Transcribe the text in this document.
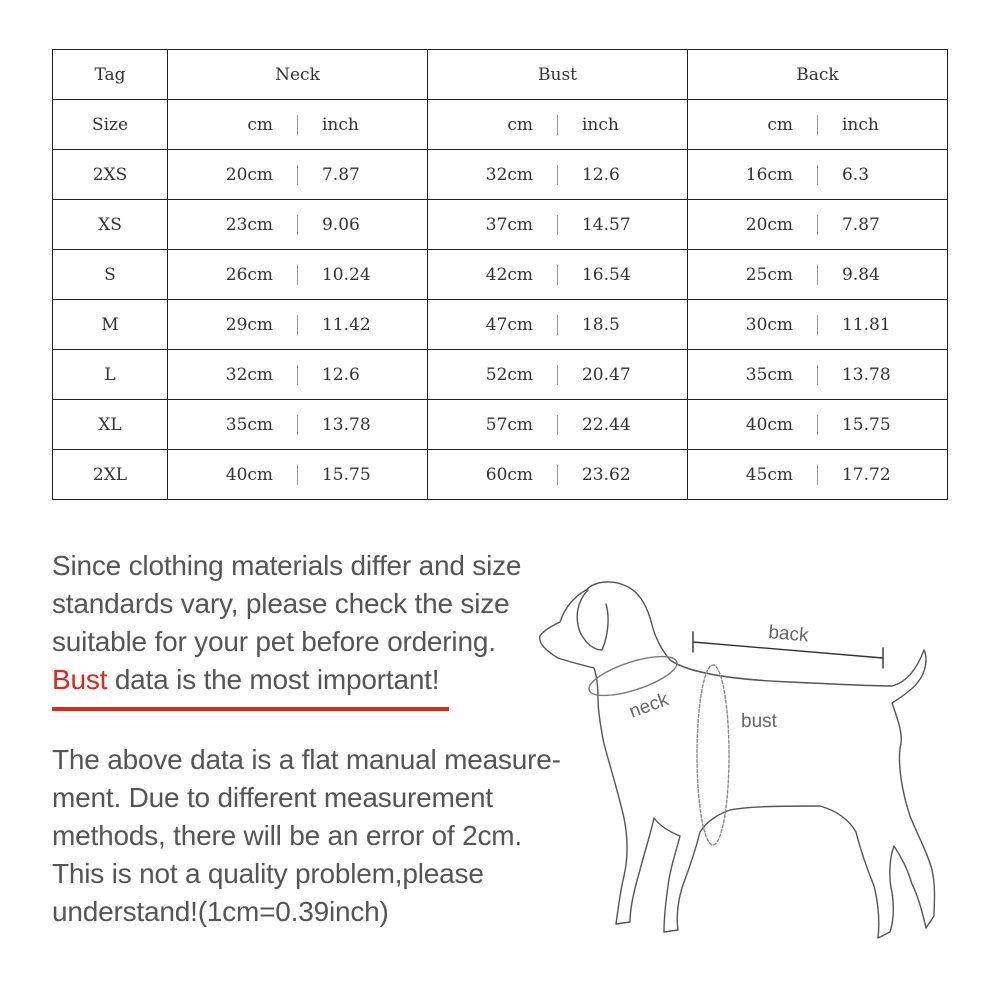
Tag	Neck	Bust	Back
Size	cm inch	cm inch	cm inch

2XS	20cm 7.87	32cm 12.6	16cm 6.3

XS	23cm 9.06	37cm 14.57	20cm 7.87

S	26cm 10.24	42cm 16.54	25cm 9.84

M	29cm 11.42	47cm 18.5	30cm 11.81

L	32cm 12.6	52cm 20.47	35cm 13.78

XL	35cm 13.78	57cm 22.44	40cm 15.75

2XL	40cm 15.75	60cm 23.62	45cm 17.72
Since clothing materials differ and size
standards vary, please check the size
suitable for your pet before ordering.
Bust data is the most important!
The above data is a flat manual measure-
ment. Due to different measurement
methods, there will be an error of 2cm.
This is not a quality problem,please
understand!(1cm=0.39inch)
back
neck	bust
